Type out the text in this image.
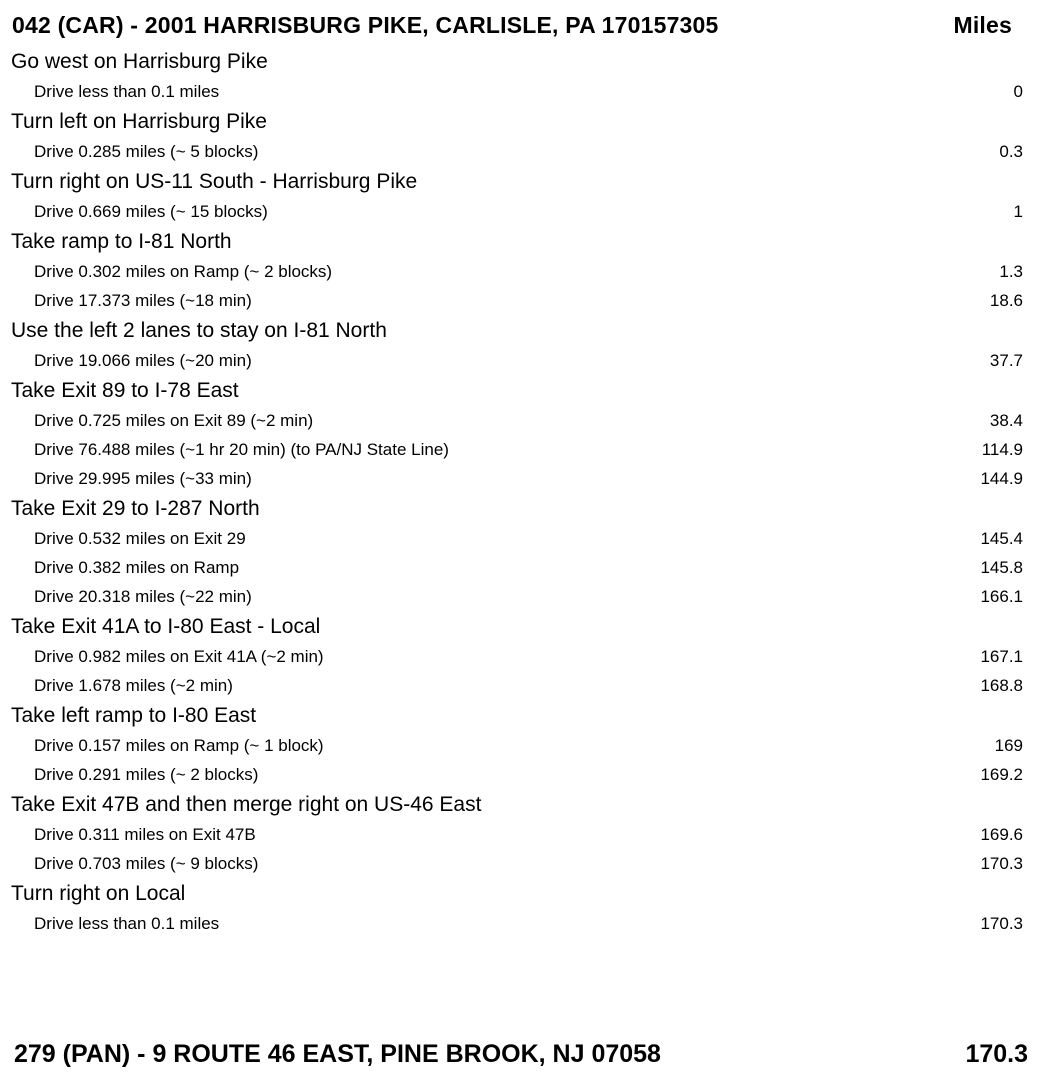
042 (CAR) - 2001 HARRISBURG PIKE, CARLISLE, PA 170157305	Miles
Go west on Harrisburg Pike
Drive less than 0.1 miles	0
Turn left on Harrisburg Pike
Drive 0.285 miles (~ 5 blocks)	0.3
Turn right on US-11 South - Harrisburg Pike
Drive 0.669 miles (~ 15 blocks)	1
Take ramp to I-81 North
Drive 0.302 miles on Ramp (~ 2 blocks)	1.3
Drive 17.373 miles (~18 min)	18.6
Use the left 2 lanes to stay on I-81 North
Drive 19.066 miles (~20 min)	37.7
Take Exit 89 to I-78 East
Drive 0.725 miles on Exit 89 (~2 min)	38.4
Drive 76.488 miles (~1 hr 20 min) (to PA/NJ State Line)	114.9
Drive 29.995 miles (~33 min)	144.9
Take Exit 29 to I-287 North
Drive 0.532 miles on Exit 29	145.4
Drive 0.382 miles on Ramp	145.8
Drive 20.318 miles (~22 min)	166.1
Take Exit 41A to I-80 East - Local
Drive 0.982 miles on Exit 41A (~2 min)	167.1
Drive 1.678 miles (~2 min)	168.8
Take left ramp to I-80 East
Drive 0.157 miles on Ramp (~ 1 block)	169
Drive 0.291 miles (~ 2 blocks)	169.2
Take Exit 47B and then merge right on US-46 East
Drive 0.311 miles on Exit 47B	169.6
Drive 0.703 miles (~ 9 blocks)	170.3
Turn right on Local
Drive less than 0.1 miles	170.3
279 (PAN) - 9 ROUTE 46 EAST, PINE BROOK, NJ 07058	170.3
